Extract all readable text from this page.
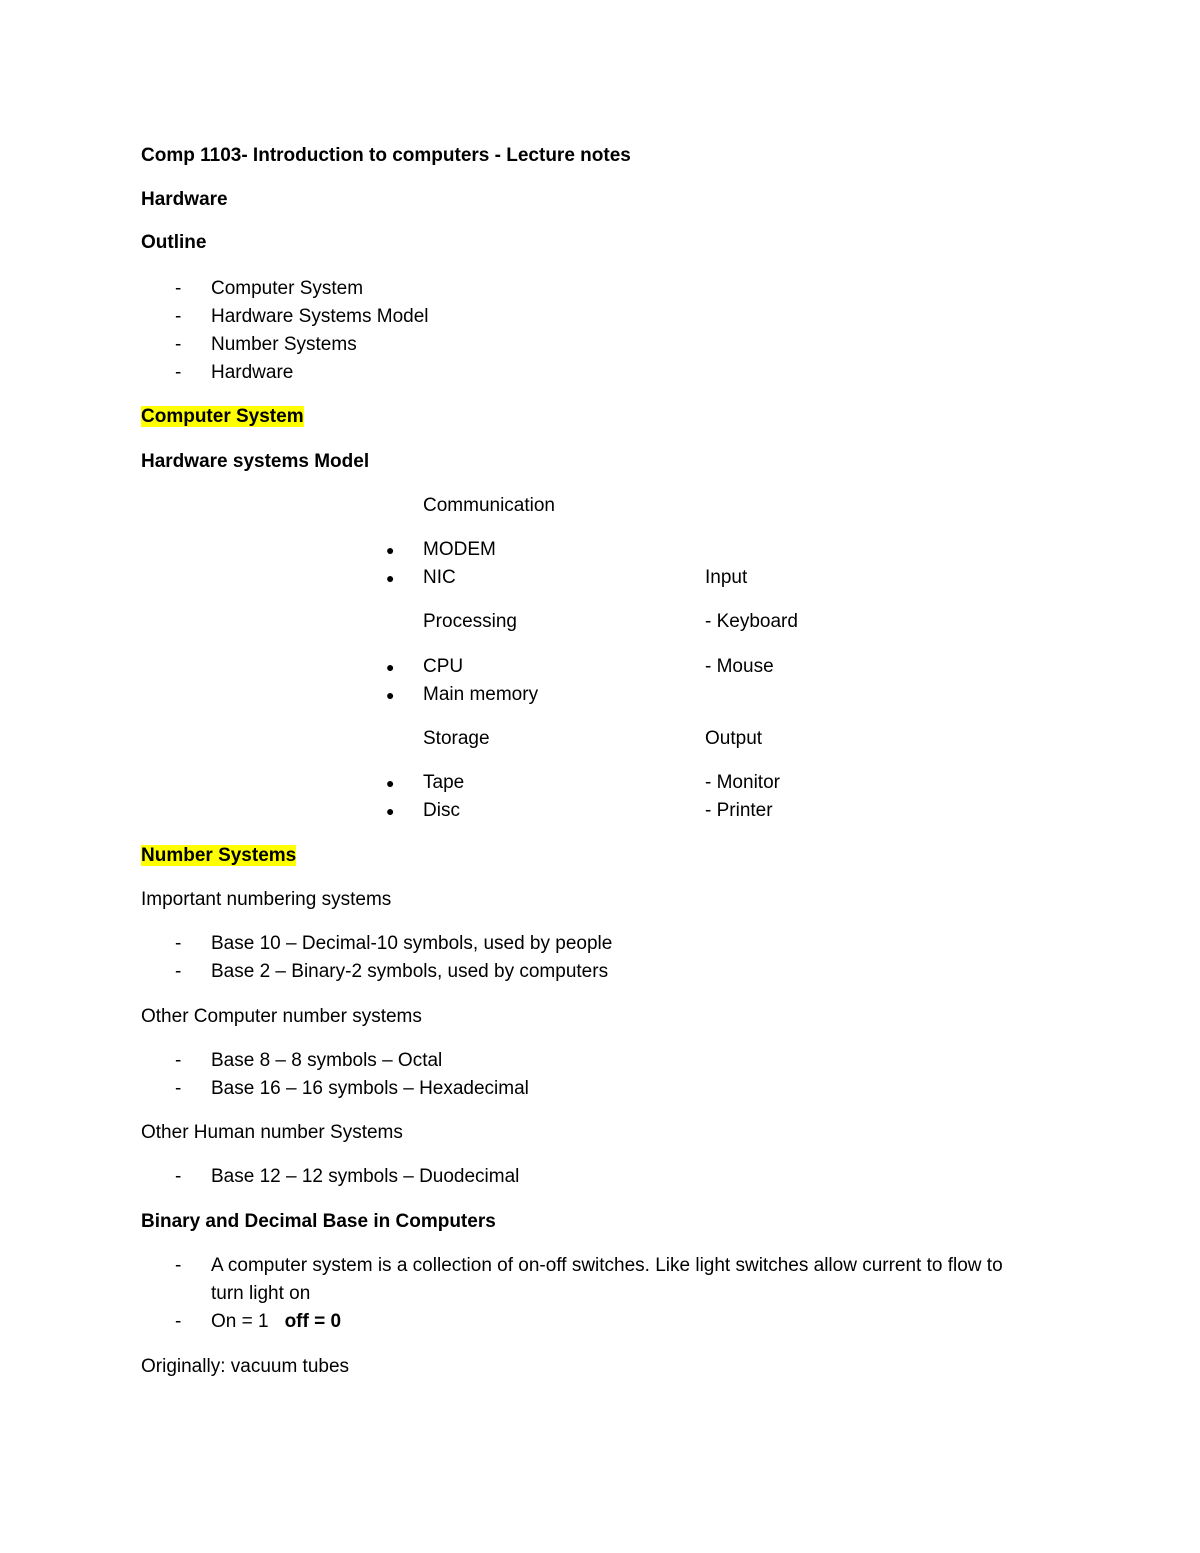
Comp 1103- Introduction to computers - Lecture notes
Hardware
Outline
- Computer System
- Hardware Systems Model
- Number Systems
- Hardware
Computer System
Hardware systems Model
Communication
● MODEM
● NIC
Processing
● CPU
● Main memory
Storage
● Tape
● Disc
Input
- Keyboard
- Mouse
Output
- Monitor
- Printer
Number Systems
Important numbering systems
- Base 10 – Decimal-10 symbols, used by people
- Base 2 – Binary-2 symbols, used by computers
Other Computer number systems
- Base 8 – 8 symbols – Octal
- Base 16 – 16 symbols – Hexadecimal
Other Human number Systems
- Base 12 – 12 symbols – Duodecimal
Binary and Decimal Base in Computers
- A computer system is a collection of on-off switches. Like light switches allow current to flow to
turn light on
- On = 1 off = 0
Originally: vacuum tubes
